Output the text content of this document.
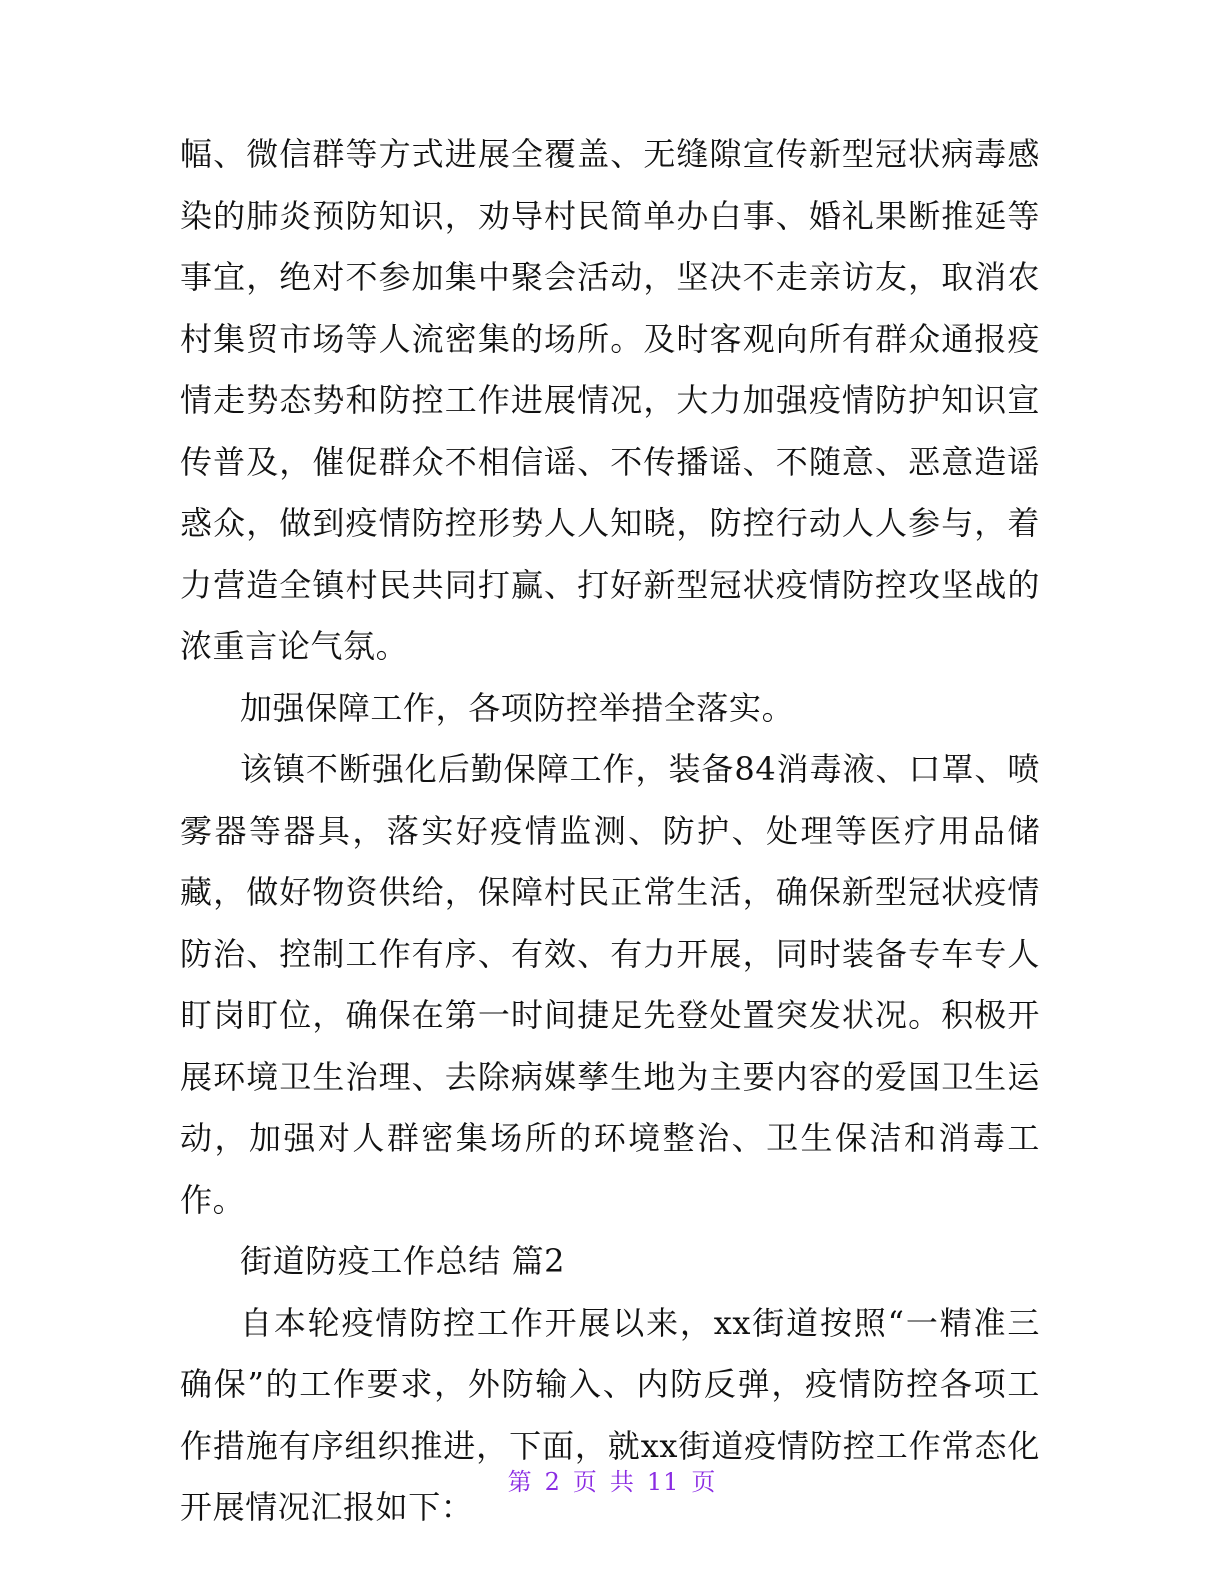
幅、微信群等方式进展全覆盖、无缝隙宣传新型冠状病毒感染的肺炎预防知识，劝导村民简单办白事、婚礼果断推延等事宜，绝对不参加集中聚会活动，坚决不走亲访友，取消农村集贸市场等人流密集的场所。及时客观向所有群众通报疫情走势态势和防控工作进展情况，大力加强疫情防护知识宣传普及，催促群众不相信谣、不传播谣、不随意、恶意造谣惑众，做到疫情防控形势人人知晓，防控行动人人参与，着力营造全镇村民共同打赢、打好新型冠状疫情防控攻坚战的浓重言论气氛。

加强保障工作，各项防控举措全落实。

该镇不断强化后勤保障工作，装备84消毒液、口罩、喷雾器等器具，落实好疫情监测、防护、处理等医疗用品储藏，做好物资供给，保障村民正常生活，确保新型冠状疫情防治、控制工作有序、有效、有力开展，同时装备专车专人盯岗盯位，确保在第一时间捷足先登处置突发状况。积极开展环境卫生治理、去除病媒孳生地为主要内容的爱国卫生运动，加强对人群密集场所的环境整治、卫生保洁和消毒工作。

街道防疫工作总结 篇2

自本轮疫情防控工作开展以来，xx街道按照“一精准三确保”的工作要求，外防输入、内防反弹，疫情防控各项工作措施有序组织推进，下面，就xx街道疫情防控工作常态化开展情况汇报如下：

第 2 页 共 11 页
